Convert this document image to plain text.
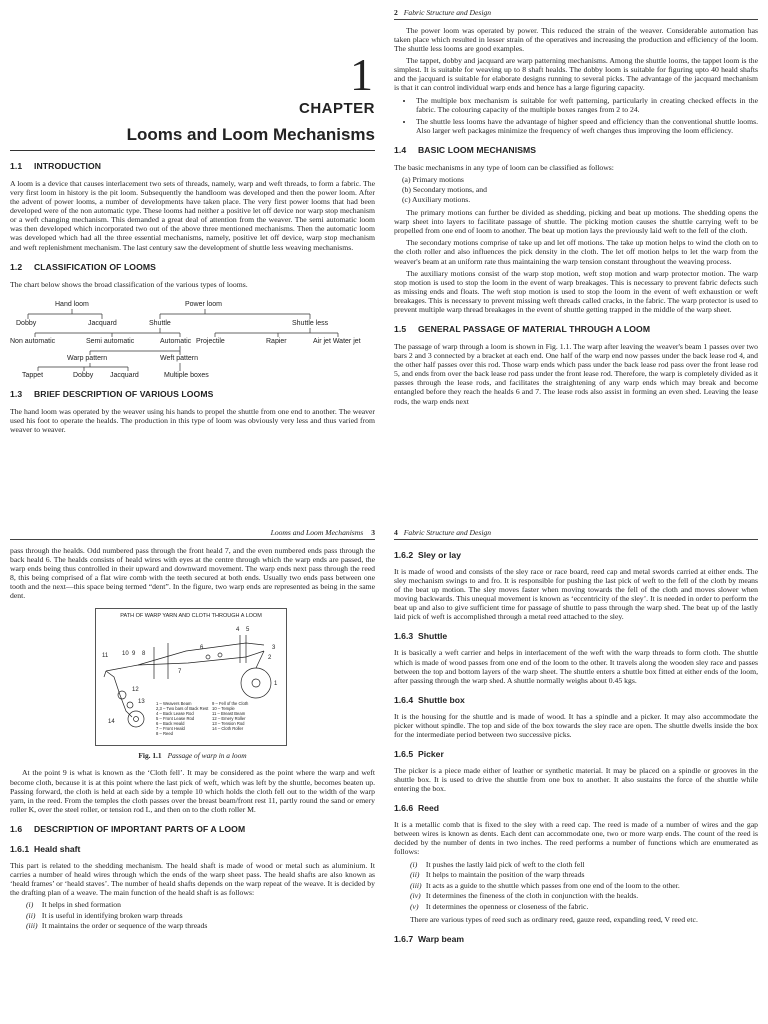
1
CHAPTER
Looms and Loom Mechanisms
1.1 INTRODUCTION

A loom is a device that causes interlacement two sets of threads, namely, warp and weft threads, to form a fabric. The very first loom in history is the pit loom. Subsequently the handloom was developed and then the power loom. After the advent of power looms, a number of developments have taken place. The very first power looms that had been developed were of the non automatic type. These looms had neither a positive let off device nor warp stop mechanism or a weft changing mechanism. This demanded a great deal of attention from the weaver. The semi automatic loom was then developed which incorporated two out of the above three mentioned mechanisms. Then the automatic loom was developed which had all the three essential mechanisms, namely, positive let off device, warp stop mechanism and weft replenishment mechanism. The last century saw the development of shuttle less weaving mechanisms.

1.2 CLASSIFICATION OF LOOMS

The chart below shows the broad classification of the various types of looms.

Hand loom	Power loom
Dobby	Jacquard	Shuttle	Shuttle less
Non automatic	Semi automatic	Automatic Projectile	Rapier	Air jet Water jet
Warp pattern	Weft pattern
Tappet	Dobby Jacquard	Multiple boxes
1.3 BRIEF DESCRIPTION OF VARIOUS LOOMS

The hand loom was operated by the weaver using his hands to propel the shuttle from one end to another. The weaver used his foot to operate the healds. The production in this type of loom was obviously very less and thus varied from weaver to weaver.

2 Fabric Structure and Design

The power loom was operated by power. This reduced the strain of the weaver. Considerable automation has taken place which resulted in lesser strain of the operatives and increasing the production and efficiency of the loom. The shuttle less looms are good examples.

The tappet, dobby and jacquard are warp patterning mechanisms. Among the shuttle looms, the tappet loom is the simplest. It is suitable for weaving up to 8 shaft healds. The dobby loom is suitable for figuring upto 40 heald shafts and the jacquard is suitable for elaborate designs running to several picks. The advantage of the jacquard mechanism is that it can control individual warp ends and hence has a large figuring capacity.

• The multiple box mechanism is suitable for weft patterning, particularly in creating checked effects in the fabric. The colouring capacity of the multiple boxes ranges from 2 to 24.
• The shuttle less looms have the advantage of higher speed and efficiency than the conventional shuttle looms. Also larger weft packages minimize the frequency of weft changes thus improving the loom efficiency.
1.4 BASIC LOOM MECHANISMS

The basic mechanisms in any type of loom can be classified as follows:

(a) Primary motions

(b) Secondary motions, and

(c) Auxiliary motions.

The primary motions can further be divided as shedding, picking and beat up motions. The shedding opens the warp sheet into layers to facilitate passage of shuttle. The picking motion causes the shuttle carrying weft to be propelled from one end of loom to another. The beat up motion lays the previously laid weft to the fell of the cloth.

The secondary motions comprise of take up and let off motions. The take up motion helps to wind the cloth on to the cloth roller and also influences the pick density in the cloth. The let off motion helps to let the warp from the weaver's beam at an uniform rate thus maintaining the warp tension constant throughout the weaving process.

The auxiliary motions consist of the warp stop motion, weft stop motion and warp protector motion. The warp stop motion is used to stop the loom in the event of warp breakages. This is necessary to prevent fabric defects such as missing ends and floats. The weft stop motion is used to stop the loom in the event of weft exhaustion or weft breakages. This is necessary to prevent missing weft threads called cracks, in the fabric. The warp protector is used to prevent multiple warp thread breakages in the event of shuttle getting trapped in the middle of the warp sheet.

1.5 GENERAL PASSAGE OF MATERIAL THROUGH A LOOM

The passage of warp through a loom is shown in Fig. 1.1. The warp after leaving the weaver's beam 1 passes over two bars 2 and 3 connected by a bracket at each end. One half of the warp end now passes under the back lease rod 4, and the other half passes over this rod. Those warp ends which pass under the back lease rod pass over the front lease rod 5, and ends from over the back lease rod pass under the front lease rod. Therefore, the warp is completely divided as it passes through the lease rods, and facilitates the straightening of any warp ends which may break and become entangled before they reach the healds 6 and 7. The lease rods also assist in forming an even shed. Leaving the lease rods, the warp ends next

Looms and Loom Mechanisms 3

pass through the healds. Odd numbered pass through the front heald 7, and the even numbered ends pass through the back heald 6. The healds consists of heald wires with eyes at the centre through which the warp ends are passed, the warp ends being thus controlled in their upward and downward movement. The warp ends next pass through the reed 8, this being comprised of a flat wire comb with the teeth secured at both ends. Usually two ends pass between one tooth and the next—this space being termed “dent”. In the figure, two warp ends are represented as being in the same dent.

PATH OF WARP YARN AND CLOTH THROUGH A LOOM
11 10 9 8
6
5
4
3
2
7
12
13
14
1
1 – Weavers Beam
2,3 – Two bars of Back Rest
4 – Back Lease Rod
5 – Front Lease Rod
6 – Back Heald
7 – Front Heald
8 – Reed
9 – Fell of the Cloth
10 – Temple
11 – Breast Beam
12 – Emery Roller
13 – Tension Rod
14 – Cloth Roller
Fig. 1.1 Passage of warp in a loom

At the point 9 is what is known as the ‘Cloth fell’. It may be considered as the point where the warp and weft become cloth, because it is at this point where the last pick of weft, which was left by the shuttle, becomes beaten up. Passing forward, the cloth is held at each side by a temple 10 which holds the cloth fell out to the width of the warp yarn, in the reed. From the temples the cloth passes over the breast beam/front rest 11, partly round the sand or emery roller K, over the steel roller, or tension rod L, and then on to the cloth roller M.

1.6 DESCRIPTION OF IMPORTANT PARTS OF A LOOM
1.6.1 Heald shaft

This part is related to the shedding mechanism. The heald shaft is made of wood or metal such as aluminium. It carries a number of heald wires through which the ends of the warp sheet pass. The heald shafts are also known as ‘heald frames’ or ‘heald staves’. The number of heald shafts depends on the warp repeat of the weave. It is decided by the drafting plan of a weave. The main function of the heald shaft is as follows:

(i) It helps in shed formation
(ii) It is useful in identifying broken warp threads
(iii) It maintains the order or sequence of the warp threads
4 Fabric Structure and Design
1.6.2 Sley or lay

It is made of wood and consists of the sley race or race board, reed cap and metal swords carried at either ends. The sley mechanism swings to and fro. It is responsible for pushing the last pick of weft to the fell of the cloth by means of the beat up motion. The sley moves faster when moving towards the fell of the cloth and moves slower when moving backwards. This unequal movement is known as ‘eccentricity of the sley’. It is needed in order to perform the beat up and also to give sufficient time for passage of shuttle to pass through the warp shed. The beat up of the lastly laid pick of weft is accomplished through a metal reed attached to the sley.

1.6.3 Shuttle

It is basically a weft carrier and helps in interlacement of the weft with the warp threads to form cloth. The shuttle which is made of wood passes from one end of the loom to the other. It travels along the wooden sley race and passes between the top and bottom layers of the warp sheet. The shuttle enters a shuttle box fitted at either ends of the loom, after passing through the warp shed. A shuttle normally weighs about 0.45 kgs.

1.6.4 Shuttle box

It is the housing for the shuttle and is made of wood. It has a spindle and a picker. It may also accommodate the picker without spindle. The top and side of the box towards the sley race are open. The shuttle dwells inside the box for the intermediate period between two successive picks.

1.6.5 Picker

The picker is a piece made either of leather or synthetic material. It may be placed on a spindle or grooves in the shuttle box. It is used to drive the shuttle from one box to another. It also sustains the force of the shuttle while entering the box.

1.6.6 Reed

It is a metallic comb that is fixed to the sley with a reed cap. The reed is made of a number of wires and the gap between wires is known as dents. Each dent can accommodate one, two or more warp ends. The count of the reed is decided by the number of dents in two inches. The reed performs a number of functions which are enumerated as follows:

(i) It pushes the lastly laid pick of weft to the cloth fell
(ii) It helps to maintain the position of the warp threads
(iii) It acts as a guide to the shuttle which passes from one end of the loom to the other.
(iv) It determines the fineness of the cloth in conjunction with the healds.
(v) It determines the openness or closeness of the fabric.

There are various types of reed such as ordinary reed, gauze reed, expanding reed, V reed etc.

1.6.7 Warp beam
